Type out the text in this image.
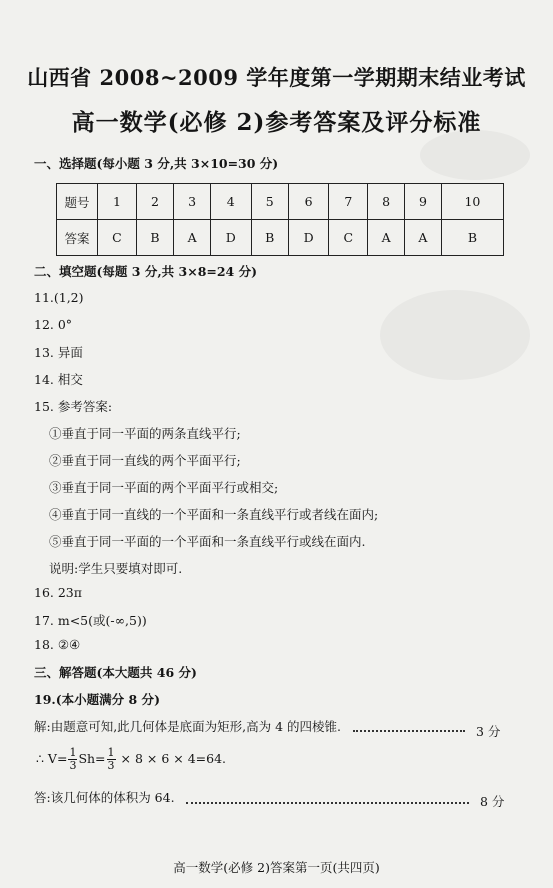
山西省 2008~2009 学年度第一学期期末结业考试
高一数学(必修 2)参考答案及评分标准
一、选择题(每小题 3 分,共 3×10=30 分)
题号	1	2	3	4	5	6	7	8	9	10
答案	C	B	A	D	B	D	C	A	A	B
二、填空题(每题 3 分,共 3×8=24 分)
11.(1,2)
12. 0°
13. 异面
14. 相交
15. 参考答案:
①垂直于同一平面的两条直线平行;
②垂直于同一直线的两个平面平行;
③垂直于同一平面的两个平面平行或相交;
④垂直于同一直线的一个平面和一条直线平行或者线在面内;
⑤垂直于同一平面的一个平面和一条直线平行或线在面内.
说明:学生只要填对即可.
16. 23π
17. m<5(或(-∞,5))
18. ②④
三、解答题(本大题共 46 分)
19.(本小题满分 8 分)
解:由题意可知,此几何体是底面为矩形,高为 4 的四棱锥.	3 分
∴ $V= \frac{1}{3} Sh= \frac{1}{3} \times 8 \times 6 \times 4=64$.
答:该几何体的体积为 64.	8 分
高一数学(必修 2)答案第一页(共四页)
